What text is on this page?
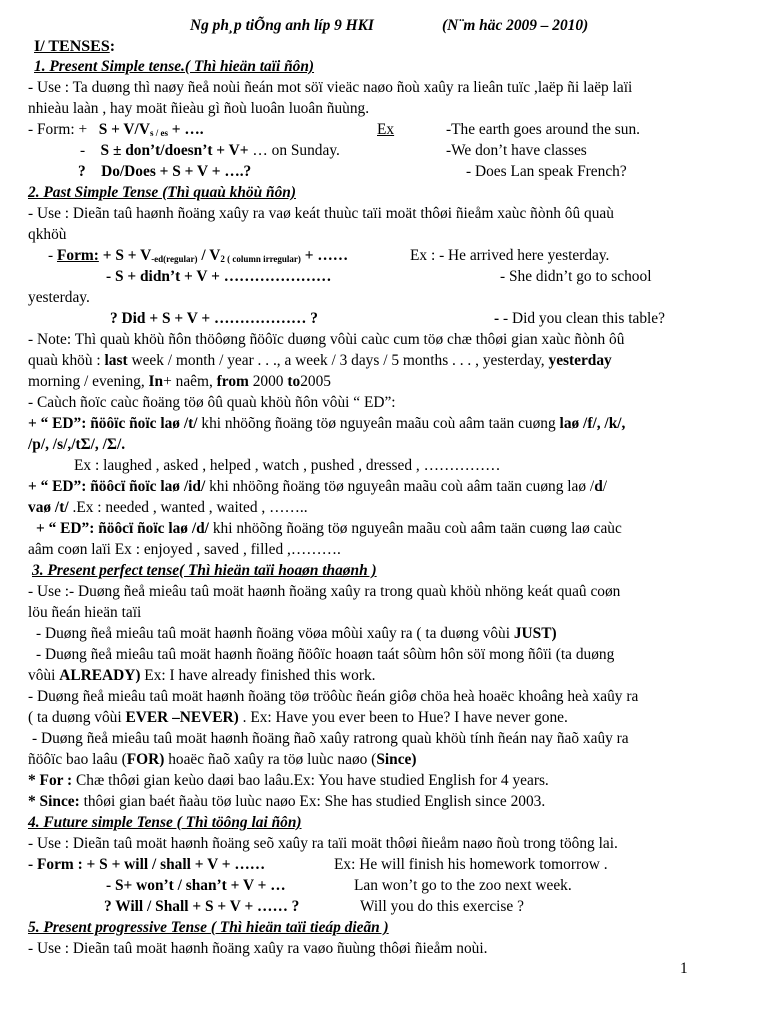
Ng ph¸p tiÕng anh líp 9 HKI	(N¨m häc 2009 – 2010)
I/ TENSES:
1. Present Simple tense.( Thì hieän taïi ñôn)
- Use : Ta duøng thì naøy ñeå noùi ñeán mot söï vieäc naøo ñoù xaûy ra lieân tuïc ,laëp ñi laëp laïi
nhieàu laàn , hay moät ñieàu gì ñoù luoân luoân ñuùng.
- Form: + $S + V/V_{s / es}$ + ….	Ex	-The earth goes around the sun.
- S ± don’t/doesn’t + V+ … on Sunday.	-We don’t have classes
? Do/Does + S + V + ….?	- Does Lan speak French?
2. Past Simple Tense (Thì quaù khöù ñôn)
- Use : Dieãn taû haønh ñoäng xaûy ra vaø keát thuùc taïi moät thôøi ñieåm xaùc ñònh ôû quaù
qkhöù
- Form: + $S + V_{-ed(regular)} / V_{2 ( column irregular)}$ + ……	Ex : - He arrived here yesterday.
- S + didn’t + V + …………………	- She didn’t go to school
yesterday.
? Did + S + V + ……………… ?	- - Did you clean this table?
- Note: Thì quaù khöù ñôn thöôøng ñöôïc duøng vôùi caùc cum töø chæ thôøi gian xaùc ñònh ôû
quaù khöù : last week / month / year . . ., a week / 3 days / 5 months . . . , yesterday, yesterday
morning / evening, In+ naêm, from 2000 to2005
- Caùch ñoïc caùc ñoäng töø ôû quaù khöù ñôn vôùi “ ED”:
+ “ ED”: ñöôïc ñoïc laø /t/ khi nhöõng ñoäng töø nguyeân maãu coù aâm taän cuøng laø /f/, /k/,
/p/, /s/,/tΣ/, /Σ/.
Ex : laughed , asked , helped , watch , pushed , dressed , ……………
+ “ ED”: ñöôcï ñoïc laø /id/ khi nhöõng ñoäng töø nguyeân maãu coù aâm taän cuøng laø /d/
vaø /t/ .Ex : needed , wanted , waited , ……..
+ “ ED”: ñöôcï ñoïc laø /d/ khi nhöõng ñoäng töø nguyeân maãu coù aâm taän cuøng laø caùc
aâm coøn laïi Ex : enjoyed , saved , filled ,……….
3. Present perfect tense( Thì hieän taïi hoaøn thaønh )
- Use :- Duøng ñeå mieâu taû moät haønh ñoäng xaûy ra trong quaù khöù nhöng keát quaû coøn
löu ñeán hieän taïi
- Duøng ñeå mieâu taû moät haønh ñoäng vöøa môùi xaûy ra ( ta duøng vôùi JUST)
- Duøng ñeå mieâu taû moät haønh ñoäng ñöôïc hoaøn taát sôùm hôn söï mong ñôïi (ta duøng
vôùi ALREADY) Ex: I have already finished this work.
- Duøng ñeå mieâu taû moät haønh ñoäng töø tröôùc ñeán giôø chöa heà hoaëc khoâng heà xaûy ra
( ta duøng vôùi EVER –NEVER) . Ex: Have you ever been to Hue? I have never gone.
- Duøng ñeå mieâu taû moät haønh ñoäng ñaõ xaûy ratrong quaù khöù tính ñeán nay ñaõ xaûy ra
ñöôïc bao laâu (FOR) hoaëc ñaõ xaûy ra töø luùc naøo (Since)
* For : Chæ thôøi gian keùo daøi bao laâu.Ex: You have studied English for 4 years.
* Since: thôøi gian baét ñaàu töø luùc naøo Ex: She has studied English since 2003.
4. Future simple Tense ( Thì töông lai ñôn)
- Use : Dieãn taû moät haønh ñoäng seõ xaûy ra taïi moät thôøi ñieåm naøo ñoù trong töông lai.
- Form : + S + will / shall + V + ……	Ex: He will finish his homework tomorrow .
- S+ won’t / shan’t + V + …	Lan won’t go to the zoo next week.
? Will / Shall + S + V + …… ?	Will you do this exercise ?
5. Present progressive Tense ( Thì hieän taïi tieáp dieãn )
- Use : Dieãn taû moät haønh ñoäng xaûy ra vaøo ñuùng thôøi ñieåm noùi.
1
